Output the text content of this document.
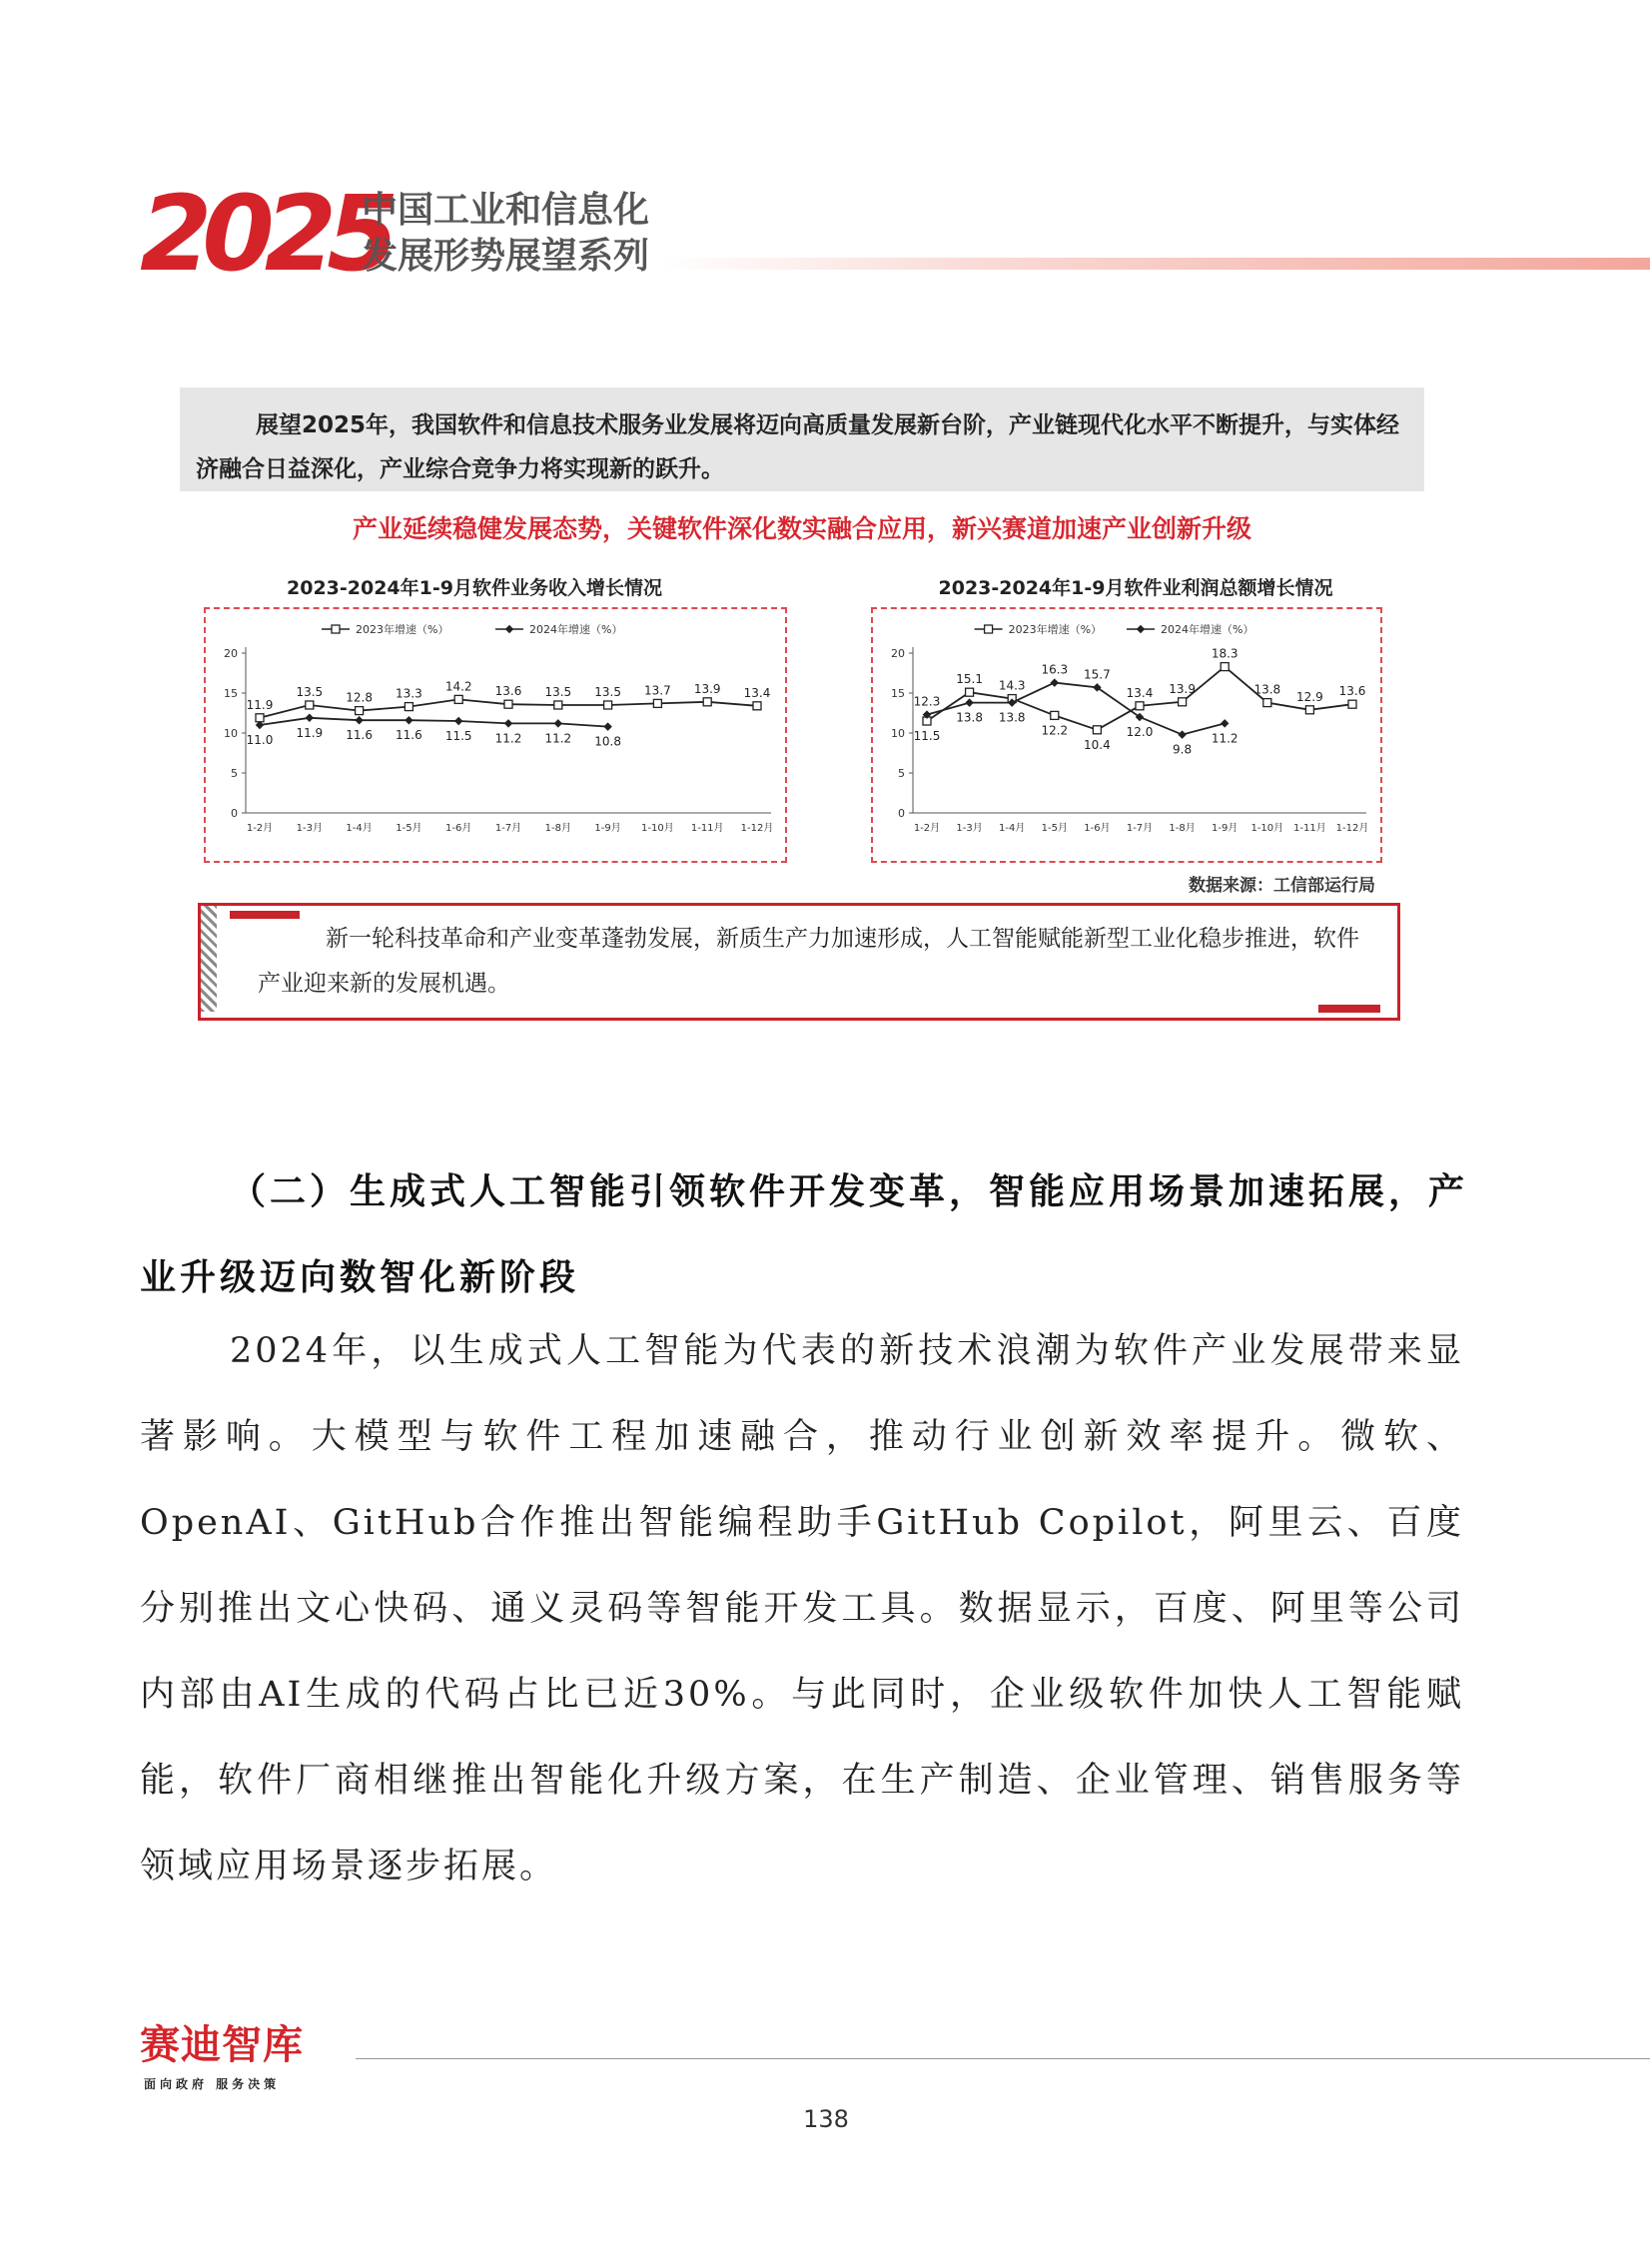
2025
中国工业和信息化
发展形势展望系列
展望2025年，我国软件和信息技术服务业发展将迈向高质量发展新台阶，产业链现代化水平不断提升，与实体经济融合日益深化，产业综合竞争力将实现新的跃升。
产业延续稳健发展态势，关键软件深化数实融合应用，新兴赛道加速产业创新升级
2023-2024年1-9月软件业务收入增长情况
0
5
10
15
20
1-2月 1-3月 1-4月 1-5月 1-6月 1-7月 1-8月 1-9月 1-10月 1-11月 1-12月
2023年增速（%）	2024年增速（%）
11.9
13.5 12.8 13.3
14.2 13.6 13.5 13.5 13.7 13.9 13.4
11.0
11.9 11.6 11.6 11.5 11.2 11.2 10.8
2023-2024年1-9月软件业利润总额增长情况
0
5
10
15
20
1-2月 1-3月 1-4月 1-5月 1-6月 1-7月 1-8月 1-9月 1-10月 1-11月 1-12月
2023年增速（%）	2024年增速（%）
11.5
15.1 14.3
12.2
10.4
13.4 13.9
18.3
13.8
12.9 13.6
12.3
13.8 13.8
16.3 15.7
12.0
9.8
11.2
数据来源：工信部运行局
新一轮科技革命和产业变革蓬勃发展，新质生产力加速形成，人工智能赋能新型工业化稳步推进，软件产业迎来新的发展机遇。
（二）生成式人工智能引领软件开发变革，智能应用场景加速拓展，产业升级迈向数智化新阶段
2024年，以生成式人工智能为代表的新技术浪潮为软件产业发展带来显著影响。大模型与软件工程加速融合，推动行业创新效率提升。微软、OpenAI、GitHub合作推出智能编程助手GitHub Copilot，阿里云、百度分别推出文心快码、通义灵码等智能开发工具。数据显示，百度、阿里等公司内部由AI生成的代码占比已近30%。与此同时，企业级软件加快人工智能赋能，软件厂商相继推出智能化升级方案，在生产制造、企业管理、销售服务等领域应用场景逐步拓展。
赛迪智库
面向政府 服务决策
138
